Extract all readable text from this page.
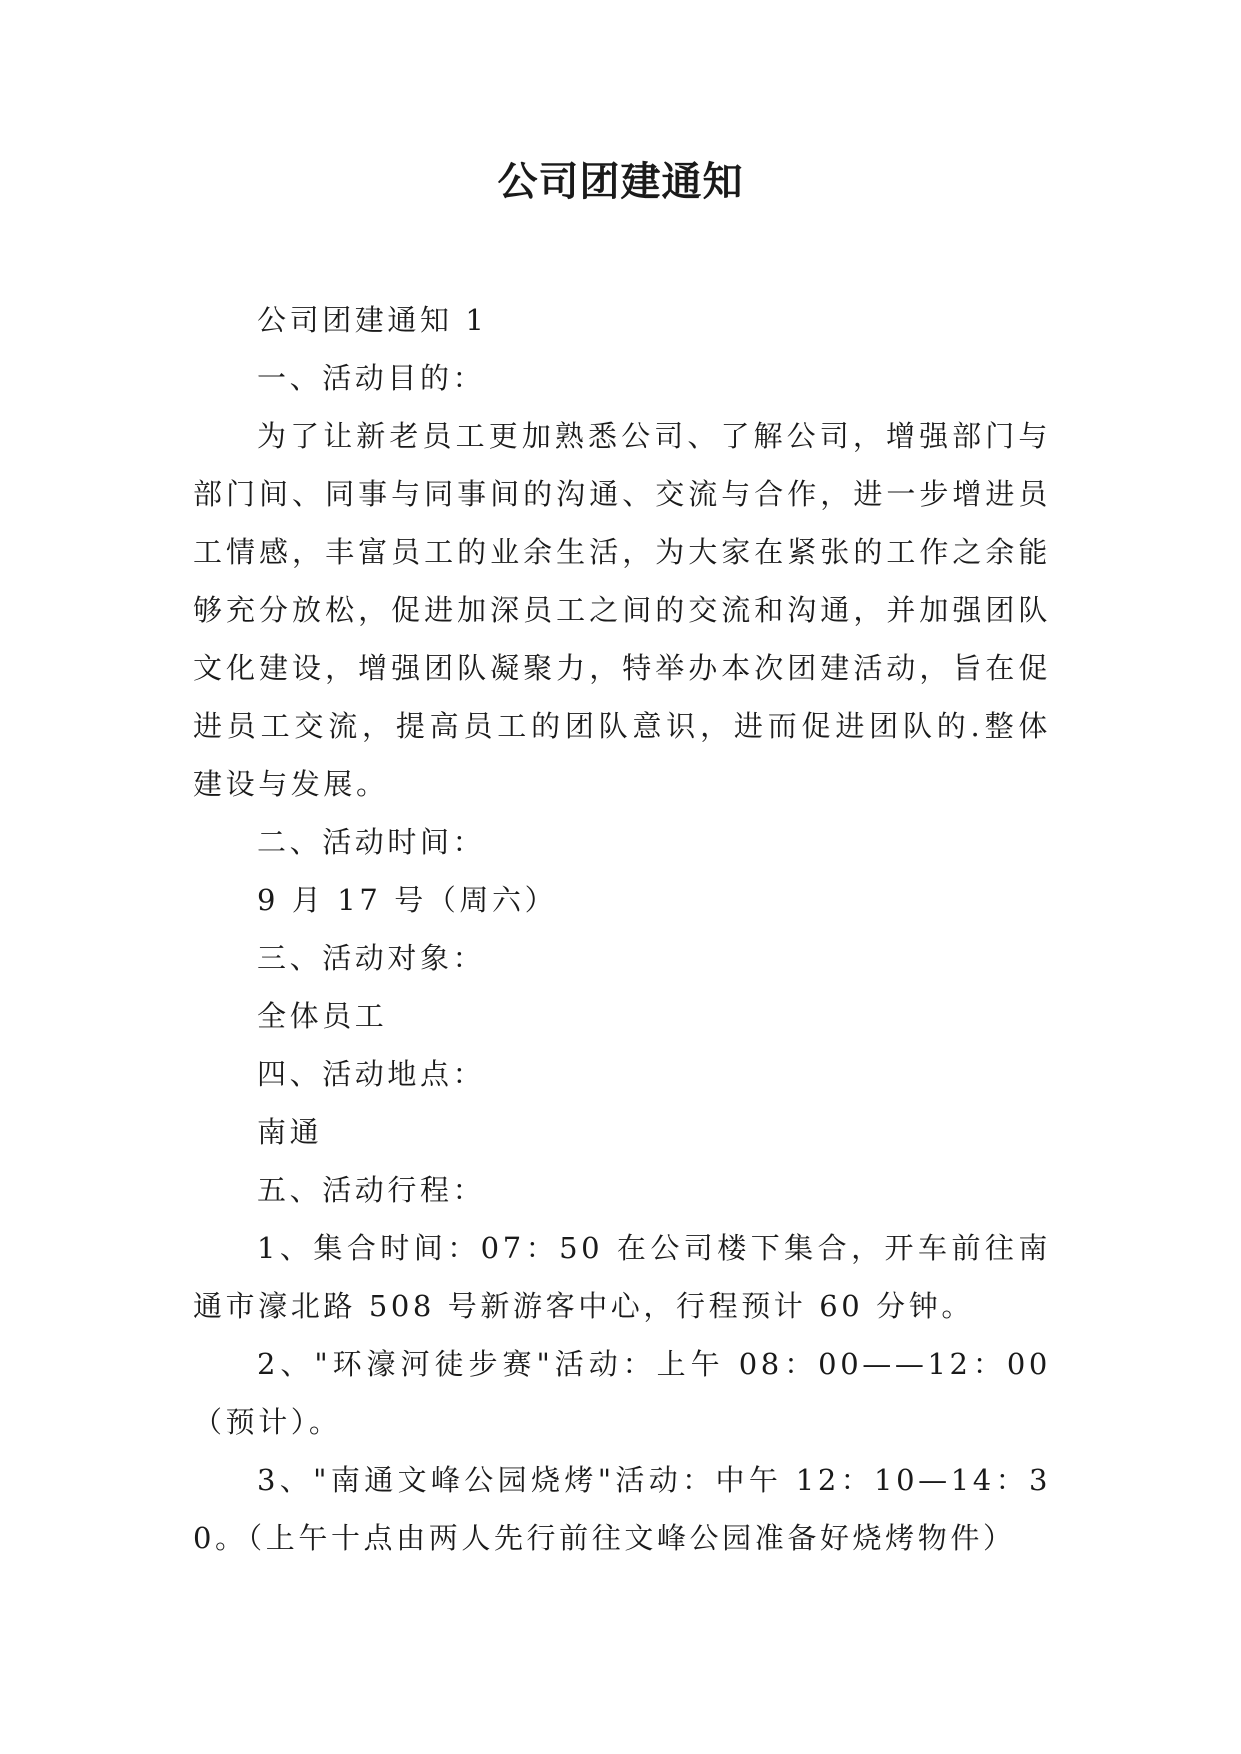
公司团建通知

公司团建通知 1

一、活动目的：

为了让新老员工更加熟悉公司、了解公司，增强部门与部门间、同事与同事间的沟通、交流与合作，进一步增进员工情感，丰富员工的业余生活，为大家在紧张的工作之余能够充分放松，促进加深员工之间的交流和沟通，并加强团队文化建设，增强团队凝聚力，特举办本次团建活动，旨在促进员工交流，提高员工的团队意识，进而促进团队的.整体建设与发展。

二、活动时间：

9 月 17 号（周六）

三、活动对象：

全体员工

四、活动地点：

南通

五、活动行程：

1、集合时间：07：50 在公司楼下集合，开车前往南通市濠北路 508 号新游客中心，行程预计 60 分钟。

2、"环濠河徒步赛"活动：上午 08：00——12：00（预计）。

3、"南通文峰公园烧烤"活动：中午 12：10—14：30。（上午十点由两人先行前往文峰公园准备好烧烤物件）
